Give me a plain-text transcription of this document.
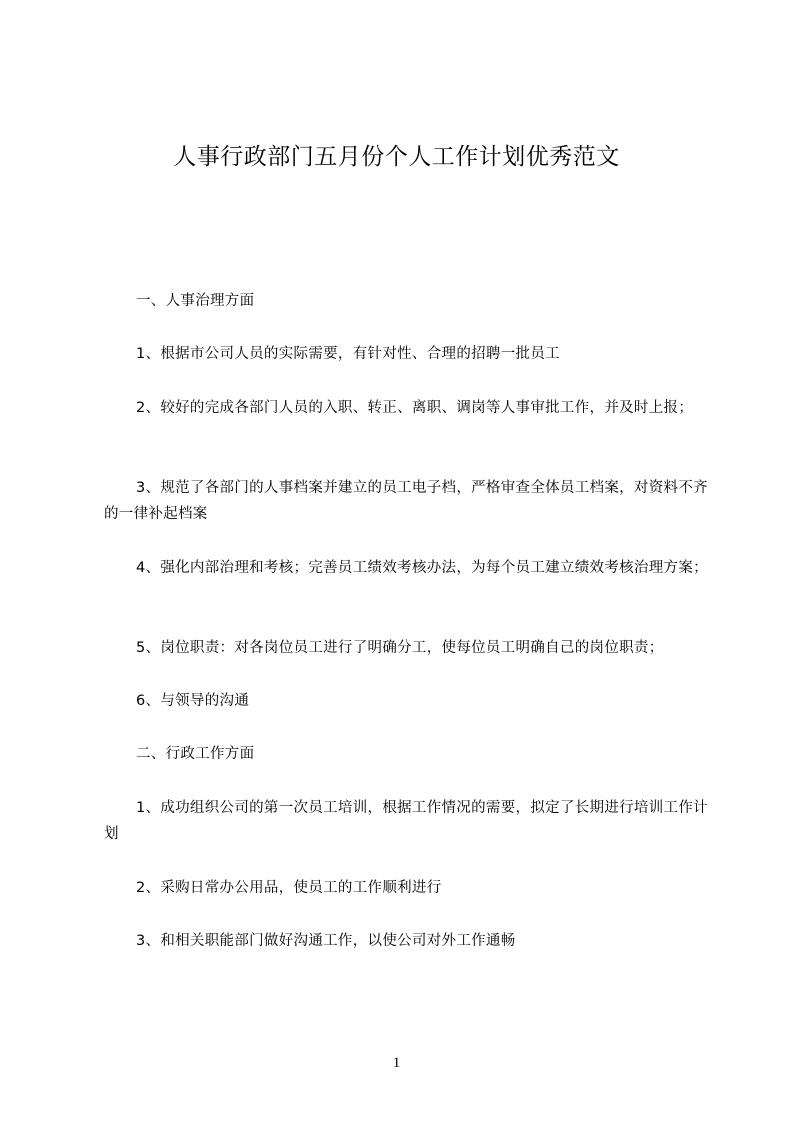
人事行政部门五月份个人工作计划优秀范文

一、人事治理方面

1、根据市公司人员的实际需要，有针对性、合理的招聘一批员工

2、较好的完成各部门人员的入职、转正、离职、调岗等人事审批工作，并及时上报；

3、规范了各部门的人事档案并建立的员工电子档，严格审查全体员工档案，对资料不齐的一律补起档案

4、强化内部治理和考核；完善员工绩效考核办法，为每个员工建立绩效考核治理方案；

5、岗位职责：对各岗位员工进行了明确分工，使每位员工明确自己的岗位职责；

6、与领导的沟通

二、行政工作方面

1、成功组织公司的第一次员工培训，根据工作情况的需要，拟定了长期进行培训工作计划

2、采购日常办公用品，使员工的工作顺利进行

3、和相关职能部门做好沟通工作，以使公司对外工作通畅

1
